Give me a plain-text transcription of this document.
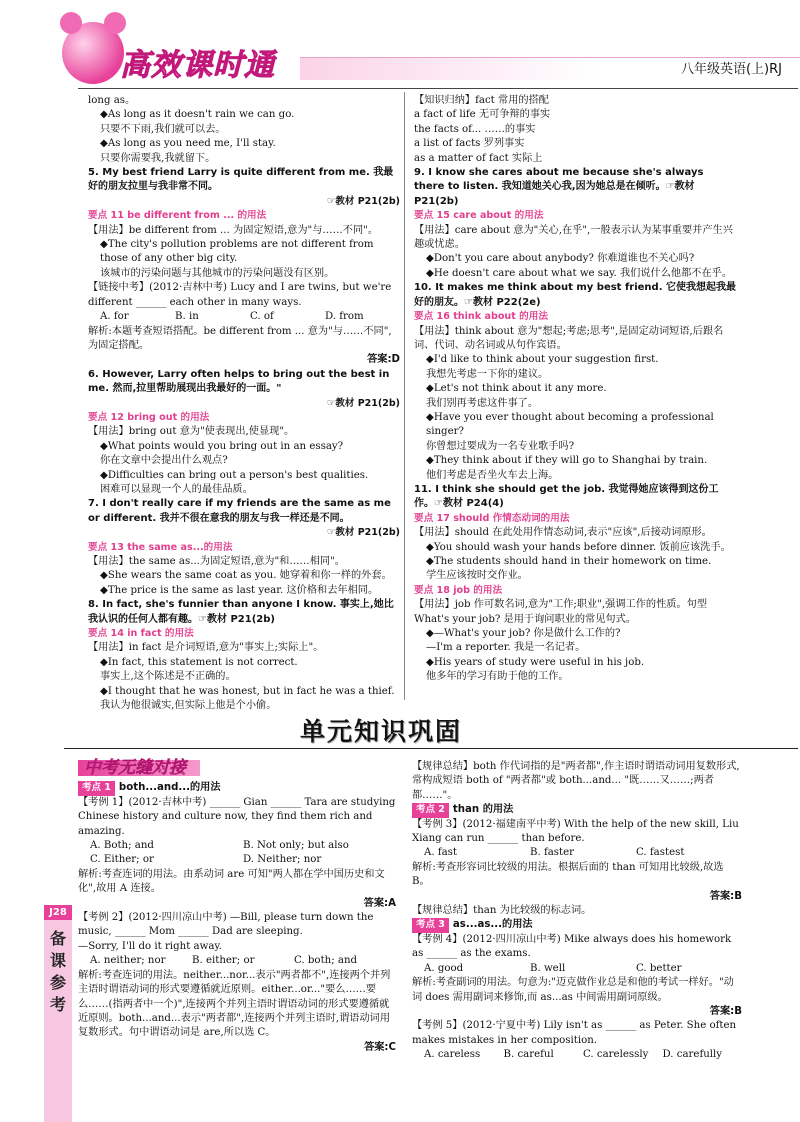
高效课时通	八年级英语(上)RJ

long as。

◆As long as it doesn't rain we can go.

只要不下雨,我们就可以去。

◆As long as you need me, I'll stay.

只要你需要我,我就留下。

5. My best friend Larry is quite different from me. 我最好的朋友拉里与我非常不同。

☞教材 P21(2b)

要点 11 be different from ... 的用法

【用法】be different from ... 为固定短语,意为"与……不同"。

◆The city's pollution problems are not different from those of any other big city.

该城市的污染问题与其他城市的污染问题没有区别。

【链接中考】(2012·吉林中考) Lucy and I are twins, but we're different ______ each other in many ways.

A. for	B. in	C. of	D. from

解析:本题考查短语搭配。be different from ... 意为"与……不同",为固定搭配。

答案:D

6. However, Larry often helps to bring out the best in me. 然而,拉里帮助展现出我最好的一面。"

☞教材 P21(2b)

要点 12 bring out 的用法

【用法】bring out 意为"使表现出,使显现"。

◆What points would you bring out in an essay?

你在文章中会提出什么观点?

◆Difficulties can bring out a person's best qualities.

困难可以显现一个人的最佳品质。

7. I don't really care if my friends are the same as me or different. 我并不很在意我的朋友与我一样还是不同。

☞教材 P21(2b)

要点 13 the same as...的用法

【用法】the same as...为固定短语,意为"和……相同"。

◆She wears the same coat as you. 她穿着和你一样的外套。

◆The price is the same as last year. 这价格和去年相同。

8. In fact, she's funnier than anyone I know. 事实上,她比我认识的任何人都有趣。☞教材 P21(2b)

要点 14 in fact 的用法

【用法】in fact 是介词短语,意为"事实上;实际上"。

◆In fact, this statement is not correct.

事实上,这个陈述是不正确的。

◆I thought that he was honest, but in fact he was a thief.

我认为他很诚实,但实际上他是个小偷。

【知识归纳】fact 常用的搭配

a fact of life 无可争辩的事实

the facts of... ……的事实

a list of facts 罗列事实

as a matter of fact 实际上

9. I know she cares about me because she's always there to listen. 我知道她关心我,因为她总是在倾听。☞教材 P21(2b)

要点 15 care about 的用法

【用法】care about 意为"关心,在乎",一般表示认为某事重要并产生兴趣或忧虑。

◆Don't you care about anybody? 你难道谁也不关心吗?

◆He doesn't care about what we say. 我们说什么他都不在乎。

10. It makes me think about my best friend. 它使我想起我最好的朋友。☞教材 P22(2e)

要点 16 think about 的用法

【用法】think about 意为"想起;考虑;思考",是固定动词短语,后跟名词、代词、动名词或从句作宾语。

◆I'd like to think about your suggestion first.

我想先考虑一下你的建议。

◆Let's not think about it any more.

我们别再考虑这件事了。

◆Have you ever thought about becoming a professional singer?

你曾想过要成为一名专业歌手吗?

◆They think about if they will go to Shanghai by train.

他们考虑是否坐火车去上海。

11. I think she should get the job. 我觉得她应该得到这份工作。☞教材 P24(4)

要点 17 should 作情态动词的用法

【用法】should 在此处用作情态动词,表示"应该",后接动词原形。

◆You should wash your hands before dinner. 饭前应该洗手。

◆The students should hand in their homework on time.

学生应该按时交作业。

要点 18 job 的用法

【用法】job 作可数名词,意为"工作;职业",强调工作的性质。句型 What's your job? 是用于询问职业的常见句式。

◆—What's your job? 你是做什么工作的?

—I'm a reporter. 我是一名记者。

◆His years of study were useful in his job.

他多年的学习有助于他的工作。

单元知识巩固
中考无缝对接

考点 1 both...and...的用法

【考例 1】(2012·吉林中考) ______ Gian ______ Tara are studying Chinese history and culture now, they find them rich and amazing.

A. Both; and	B. Not only; but also

C. Either; or	D. Neither; nor

解析:考查连词的用法。由系动词 are 可知"两人都在学中国历史和文化",故用 A 连接。

答案:A

【考例 2】(2012·四川凉山中考) —Bill, please turn down the music, ______ Mom ______ Dad are sleeping.

—Sorry, I'll do it right away.

A. neither; nor	B. either; or	C. both; and

解析:考查连词的用法。neither...nor...表示"两者都不",连接两个并列主语时谓语动词的形式要遵循就近原则。either...or..."要么……要么……(指两者中一个)",连接两个并列主语时谓语动词的形式要遵循就近原则。both...and...表示"两者都",连接两个并列主语时,谓语动词用复数形式。句中谓语动词是 are,所以选 C。

答案:C

【规律总结】both 作代词指的是"两者都",作主语时谓语动词用复数形式,常构成短语 both of "两者都"或 both...and... "既……又……;两者都……"。

考点 2 than 的用法

【考例 3】(2012·福建南平中考) With the help of the new skill, Liu Xiang can run ______ than before.

A. fast	B. faster	C. fastest

解析:考查形容词比较级的用法。根据后面的 than 可知用比较级,故选 B。

答案:B

【规律总结】than 为比较级的标志词。

考点 3 as...as...的用法

【考例 4】(2012·四川凉山中考) Mike always does his homework as ______ as the exams.

A. good	B. well	C. better

解析:考查副词的用法。句意为:"迈克做作业总是和他的考试一样好。"动词 does 需用副词来修饰,而 as...as 中间需用副词原级。

答案:B

【考例 5】(2012·宁夏中考) Lily isn't as ______ as Peter. She often makes mistakes in her composition.

A. careless	B. careful	C. carelessly	D. carefully

J28
备
课
参
考
